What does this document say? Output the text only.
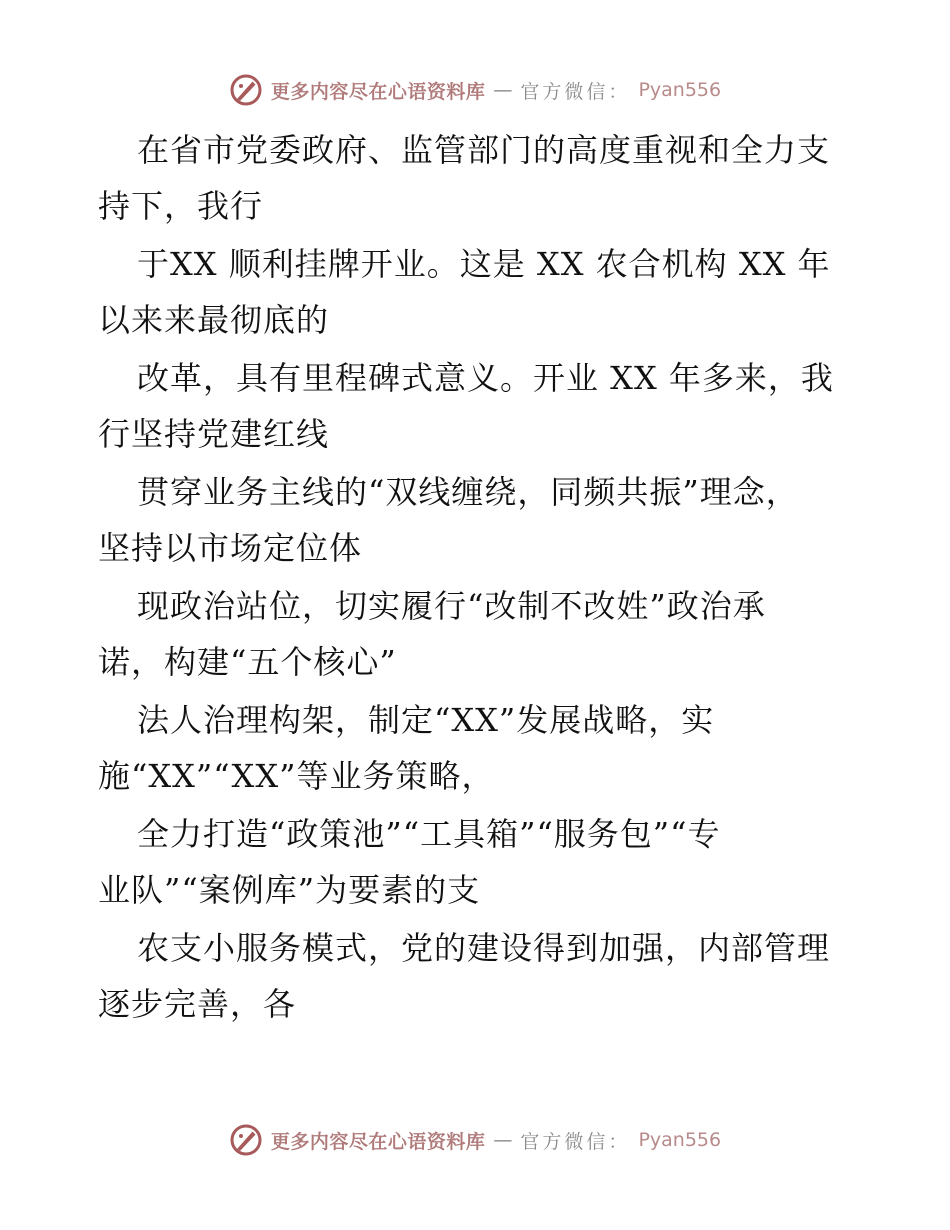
更多内容尽在心语资料库 — 官方微信： Pyan556
在省市党委政府、监管部门的高度重视和全力支
持下，我行
于XX 顺利挂牌开业。这是 XX 农合机构 XX 年
以来来最彻底的
改革，具有里程碑式意义。开业 XX 年多来，我
行坚持党建红线
贯穿业务主线的“双线缠绕，同频共振”理念，
坚持以市场定位体
现政治站位，切实履行“改制不改姓”政治承
诺，构建“五个核心”
法人治理构架，制定“XX”发展战略，实
施“XX”“XX”等业务策略，
全力打造“政策池”“工具箱”“服务包”“专
业队”“案例库”为要素的支
农支小服务模式，党的建设得到加强，内部管理
逐步完善，各
更多内容尽在心语资料库 — 官方微信： Pyan556
